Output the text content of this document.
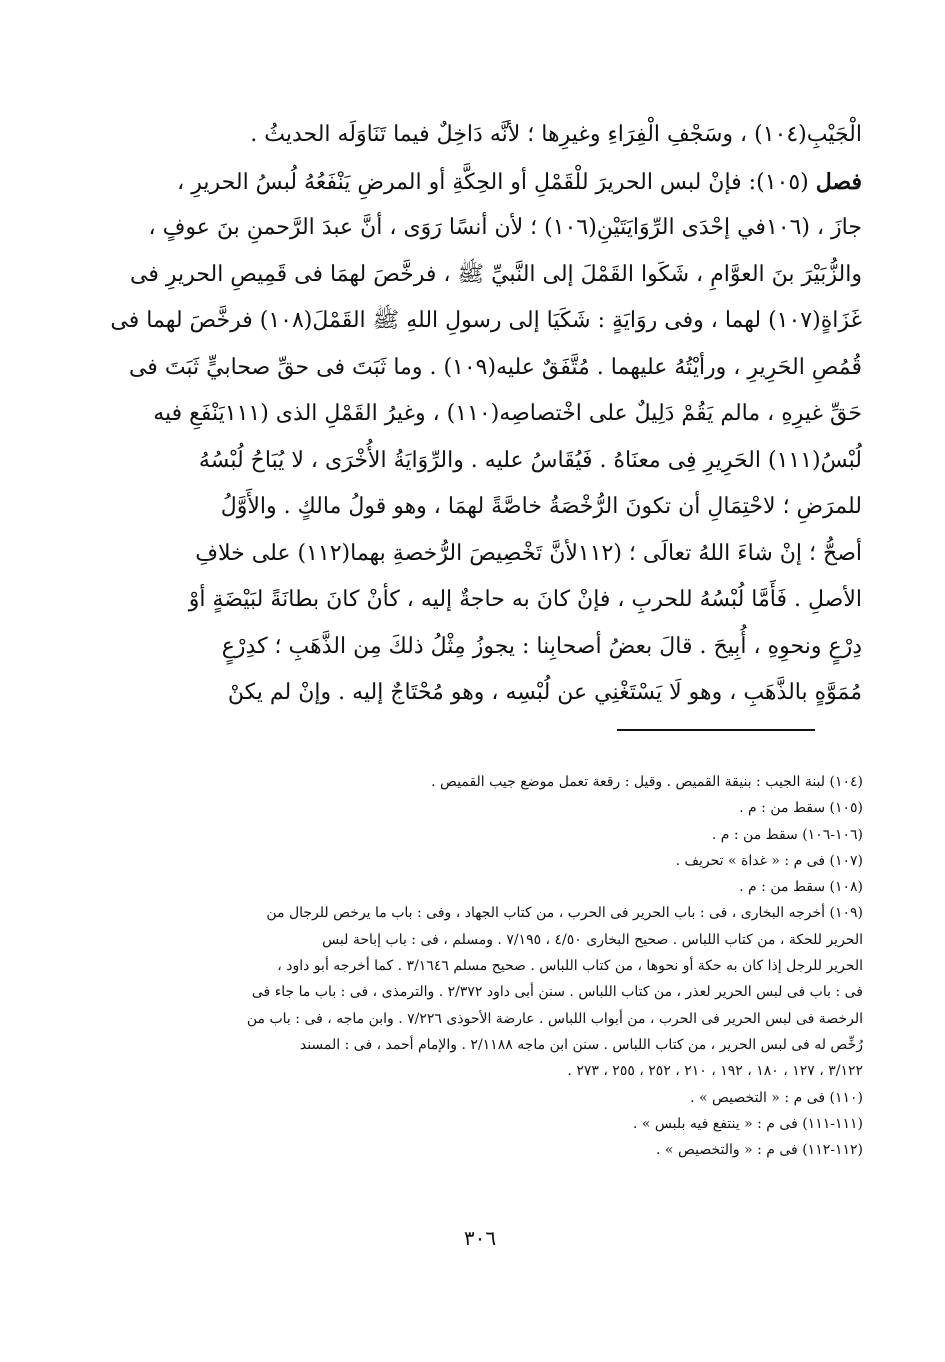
الْجَيْبِ(١٠٤) ، وسَجْفِ الْفِرَاءِ وغيرِها ؛ لأنَّه دَاخِلٌ فيما تَنَاوَلَه الحديثُ .
فصل (١٠٥): فإنْ لبس الحريرَ للْقَمْلِ أو الحِكَّةِ أو المرضِ يَنْفَعُهُ لُبسُ الحريرِ ،
جازَ ، (١٠٦في إحْدَى الرِّوَايَتَيْنِ(١٠٦) ؛ لأن أنسًا رَوَى ، أنَّ عبدَ الرَّحمنِ بنَ عوفٍ ،
والزُّبَيْرَ بنَ العوَّامِ ، شَكَوا القَمْلَ إلى النَّبيِّ ﷺ ، فرخَّصَ لهمَا فى قَمِيصِ الحريرِ فى
غَزَاةٍ(١٠٧) لهما ، وفى روَايَةٍ : شَكَيَا إلى رسولِ اللهِ ﷺ القَمْلَ(١٠٨) فرخَّصَ لهما فى
قُمُصِ الحَرِيرِ ، ورأيْتُهُ عليهما . مُتَّفَقٌ عليه(١٠٩) . وما ثَبَتَ فى حقِّ صحابيٍّ ثَبَتَ فى
حَقِّ غيرِهِ ، مالم يَقُمْ دَلِيلٌ على اخْتصاصِه(١١٠) ، وغيرُ القَمْلِ الذى (١١١يَنْفَعِ فيه
لُبْسُ(١١١) الحَرِيرِ فِى معنَاهُ . فَيُقَاسُ عليه . والرِّوَايَةُ الأُخْرَى ، لا يُبَاحُ لُبْسُهُ
للمرَضِ ؛ لاحْتِمَالِ أن تكونَ الرُّخْصَةُ خاصَّةً لهمَا ، وهو قولُ مالكٍ . والأَوَّلُ
أصحُّ ؛ إنْ شاءَ اللهُ تعالَى ؛ (١١٢لأنَّ تَخْصِيصَ الرُّخصةِ بهما(١١٢) على خلافِ
الأصلِ . فَأَمَّا لُبْسُهُ للحربِ ، فإنْ كانَ به حاجةٌ إليه ، كأنْ كانَ بطانَةً لبَيْضَةٍ أوْ
دِرْعٍ ونحوِهِ ، أُبِيحَ . قالَ بعضُ أصحابِنا : يجوزُ مِثْلُ ذلكَ مِن الذَّهَبِ ؛ كدِرْعٍ
مُمَوَّهٍ بالذَّهَبِ ، وهو لَا يَسْتَغْنِي عن لُبْسِه ، وهو مُحْتَاجٌ إليه . وإنْ لم يكنْ
(١٠٤) لبنة الجيب : بنيقة القميص . وقيل : رقعة تعمل موضع جيب القميص .
(١٠٥) سقط من : م .
(١٠٦-١٠٦) سقط من : م .
(١٠٧) فى م : « غداة » تحريف .
(١٠٨) سقط من : م .
(١٠٩) أخرجه البخارى ، فى : باب الحرير فى الحرب ، من كتاب الجهاد ، وفى : باب ما يرخص للرجال من
الحرير للحكة ، من كتاب اللباس . صحيح البخارى ٤/٥٠ ، ٧/١٩٥ . ومسلم ، فى : باب إباحة لبس
الحرير للرجل إذا كان به حكة أو نحوها ، من كتاب اللباس . صحيح مسلم ٣/١٦٤٦ . كما أخرجه أبو داود ،
فى : باب فى لبس الحرير لعذر ، من كتاب اللباس . سنن أبى داود ٢/٣٧٢ . والترمذى ، فى : باب ما جاء فى
الرخصة فى لبس الحرير فى الحرب ، من أبواب اللباس . عارضة الأحوذى ٧/٢٢٦ . وابن ماجه ، فى : باب من
رُخِّص له فى لبس الحرير ، من كتاب اللباس . سنن ابن ماجه ٢/١١٨٨ . والإمام أحمد ، فى : المسند
٣/١٢٢ ، ١٢٧ ، ١٨٠ ، ١٩٢ ، ٢١٠ ، ٢٥٢ ، ٢٥٥ ، ٢٧٣ .
(١١٠) فى م : « التخصيص » .
(١١١-١١١) فى م : « ينتفع فيه بلبس » .
(١١٢-١١٢) فى م : « والتخصيص » .
٣٠٦
